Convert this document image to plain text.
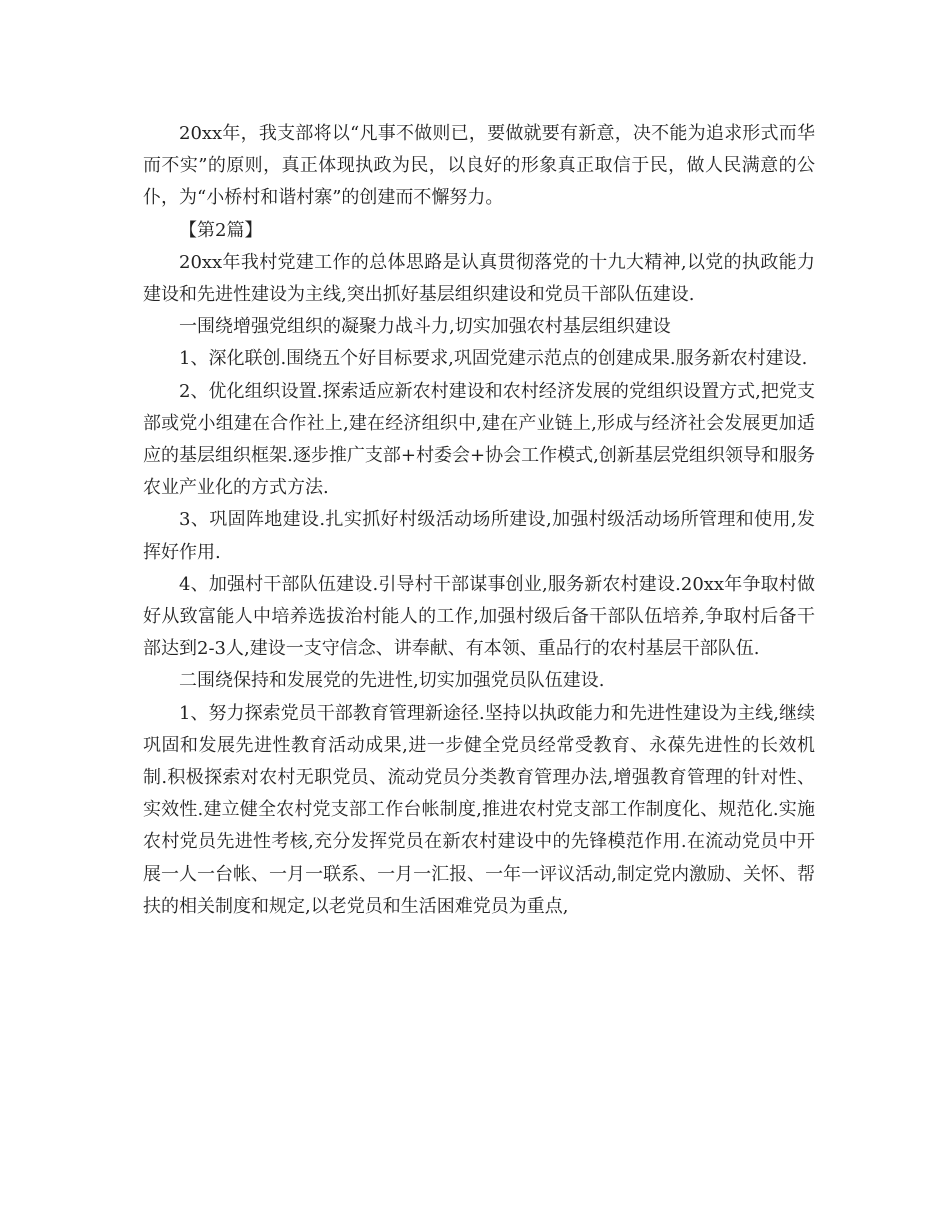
20xx年，我支部将以“凡事不做则已，要做就要有新意，决不能为追求形式而华而不实”的原则，真正体现执政为民，以良好的形象真正取信于民，做人民满意的公仆，为“小桥村和谐村寨”的创建而不懈努力。

【第2篇】

20xx年我村党建工作的总体思路是认真贯彻落党的十九大精神,以党的执政能力建设和先进性建设为主线,突出抓好基层组织建设和党员干部队伍建设.

一围绕增强党组织的凝聚力战斗力,切实加强农村基层组织建设

1、深化联创.围绕五个好目标要求,巩固党建示范点的创建成果.服务新农村建设.

2、优化组织设置.探索适应新农村建设和农村经济发展的党组织设置方式,把党支部或党小组建在合作社上,建在经济组织中,建在产业链上,形成与经济社会发展更加适应的基层组织框架.逐步推广支部+村委会+协会工作模式,创新基层党组织领导和服务农业产业化的方式方法.

3、巩固阵地建设.扎实抓好村级活动场所建设,加强村级活动场所管理和使用,发挥好作用.

4、加强村干部队伍建设.引导村干部谋事创业,服务新农村建设.20xx年争取村做好从致富能人中培养选拔治村能人的工作,加强村级后备干部队伍培养,争取村后备干部达到2-3人,建设一支守信念、讲奉献、有本领、重品行的农村基层干部队伍.

二围绕保持和发展党的先进性,切实加强党员队伍建设.

1、努力探索党员干部教育管理新途径.坚持以执政能力和先进性建设为主线,继续巩固和发展先进性教育活动成果,进一步健全党员经常受教育、永葆先进性的长效机制.积极探索对农村无职党员、流动党员分类教育管理办法,增强教育管理的针对性、实效性.建立健全农村党支部工作台帐制度,推进农村党支部工作制度化、规范化.实施农村党员先进性考核,充分发挥党员在新农村建设中的先锋模范作用.在流动党员中开展一人一台帐、一月一联系、一月一汇报、一年一评议活动,制定党内激励、关怀、帮扶的相关制度和规定,以老党员和生活困难党员为重点,
